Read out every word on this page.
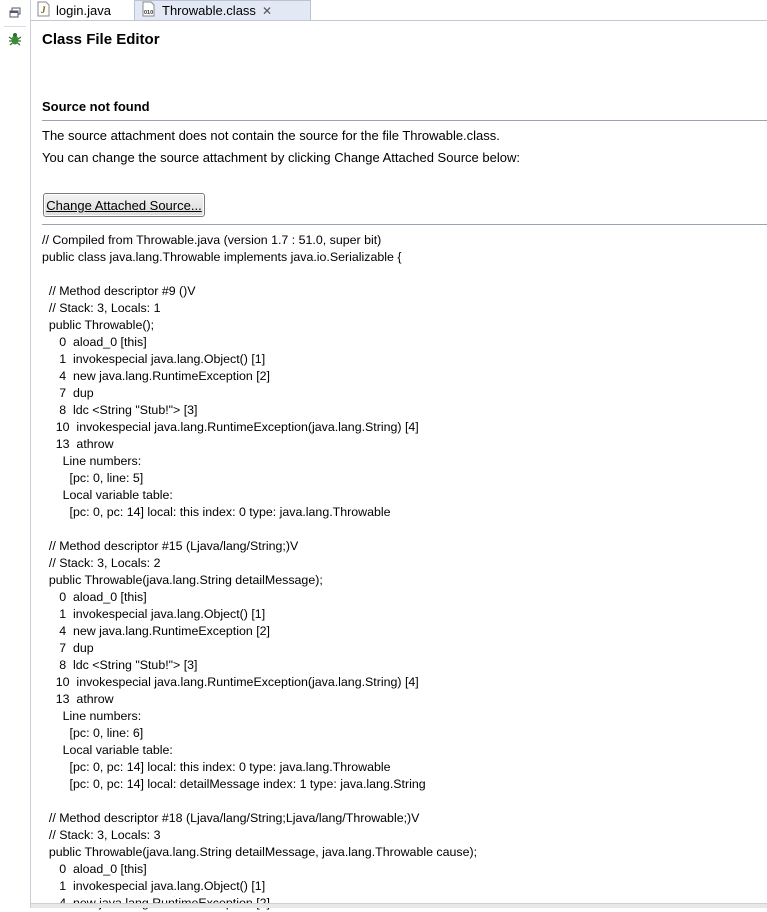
J login.java	010 Throwable.class ✕
Class File Editor
Source not found
The source attachment does not contain the source for the file Throwable.class.
You can change the source attachment by clicking Change Attached Source below:
Change Attached Source...
// Compiled from Throwable.java (version 1.7 : 51.0, super bit)
public class java.lang.Throwable implements java.io.Serializable {
// Method descriptor #9 ()V
// Stack: 3, Locals: 1
public Throwable();
0  aload_0 [this]
1  invokespecial java.lang.Object() [1]
4  new java.lang.RuntimeException [2]
7  dup
8  ldc <String "Stub!"> [3]
10  invokespecial java.lang.RuntimeException(java.lang.String) [4]
13  athrow
Line numbers:
[pc: 0, line: 5]
Local variable table:
[pc: 0, pc: 14] local: this index: 0 type: java.lang.Throwable
// Method descriptor #15 (Ljava/lang/String;)V
// Stack: 3, Locals: 2
public Throwable(java.lang.String detailMessage);
0  aload_0 [this]
1  invokespecial java.lang.Object() [1]
4  new java.lang.RuntimeException [2]
7  dup
8  ldc <String "Stub!"> [3]
10  invokespecial java.lang.RuntimeException(java.lang.String) [4]
13  athrow
Line numbers:
[pc: 0, line: 6]
Local variable table:
[pc: 0, pc: 14] local: this index: 0 type: java.lang.Throwable
[pc: 0, pc: 14] local: detailMessage index: 1 type: java.lang.String
// Method descriptor #18 (Ljava/lang/String;Ljava/lang/Throwable;)V
// Stack: 3, Locals: 3
public Throwable(java.lang.String detailMessage, java.lang.Throwable cause);
0  aload_0 [this]
1  invokespecial java.lang.Object() [1]
